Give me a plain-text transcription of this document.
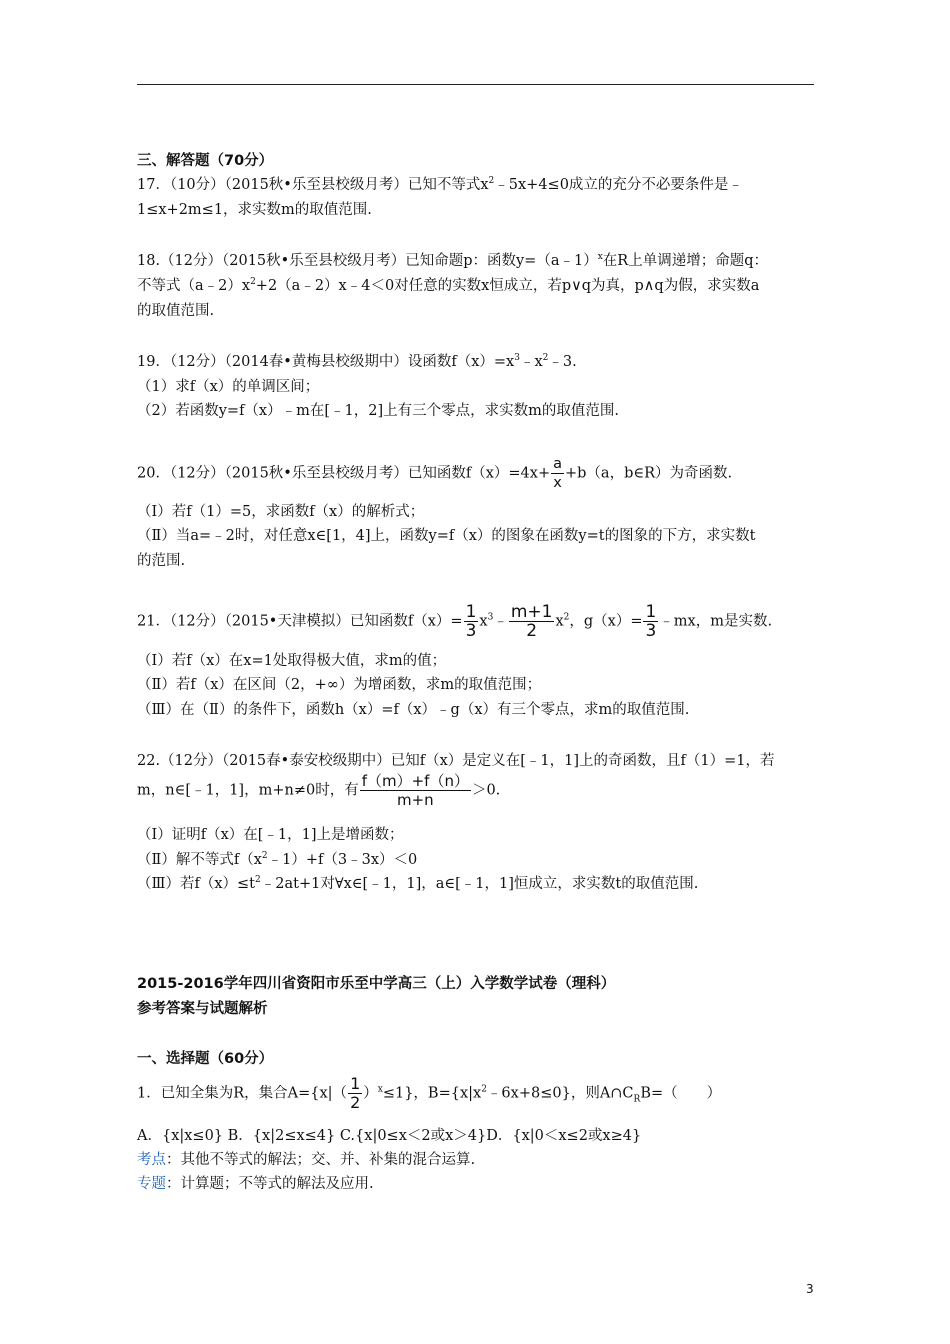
三、解答题（70分）
17．（10分）（2015秋•乐至县校级月考）已知不等式$x^2﹣5x+4\le 0$成立的充分不必要条件是﹣
1≤x+2m≤1，求实数m的取值范围.
18.（12分）（2015秋•乐至县校级月考）已知命题p：函数y=（a﹣1）$^x$在R上单调递增；命题q：
不等式$(a﹣2)x^2+2(a﹣2)x﹣4<0$对任意的实数x恒成立，若p∨q为真，p∧q为假，求实数a
的取值范围.
19．（12分）（2014春•黄梅县校级期中）设函数$f(x)=x^3﹣x^2﹣3$.
（1）求f（x）的单调区间；
（2）若函数y=f（x）﹣m在[﹣1，2]上有三个零点，求实数m的取值范围.
20．（12分）（2015秋•乐至县校级月考）已知函数$f(x)=4x+ \frac{a}{x} +b(a$，b∈R）为奇函数.
（Ⅰ）若f（1）=5，求函数f（x）的解析式；
（Ⅱ）当a=﹣2时，对任意x∈[1，4]上，函数y=f（x）的图象在函数y=t的图象的下方，求实数t
的范围.
21．（12分）（2015•天津模拟）已知函数$f(x)= \frac{1}{3}$ $x^3﹣ \frac{m+1}{2} x^2$，$g(x)= \frac{1}{3}$ ﹣mx，m是实数.
（Ⅰ）若f（x）在x=1处取得极大值，求m的值；
（Ⅱ）若f（x）在区间（2，+∞）为增函数，求m的取值范围；
（Ⅲ）在（Ⅱ）的条件下，函数h（x）=f（x）﹣g（x）有三个零点，求m的取值范围.
22.（12分）（2015春•泰安校级期中）已知f（x）是定义在[﹣1，1]上的奇函数，且f（1）=1，若
m，n∈[﹣1，1]，m+n≠0时，有 $\frac{f(m)+f(n)}{m+n} >0$.
（Ⅰ）证明f（x）在[﹣1，1]上是增函数；
（Ⅱ）解不等式$f(x^2﹣1)+f(3﹣3x)<0$
（Ⅲ）若$f(x)\le t^2﹣2at+1$对∀x∈[﹣1，1]，a∈[﹣1，1]恒成立，求实数t的取值范围.
2015-2016学年四川省资阳市乐至中学高三（上）入学数学试卷（理科）
参考答案与试题解析
一、选择题（60分）
1．已知全集为R，集合$A=\{x|( \frac{1}{2} )^x\le 1\}$，$B=\{x|x^2﹣6x+8\le 0\}$，则$A\cap C_RB=$（　　）
A．{x|x≤0} B．{x|2≤x≤4} C.{x|0≤x＜2或x＞4}D．{x|0＜x≤2或x≥4}
考点：其他不等式的解法；交、并、补集的混合运算.
专题：计算题；不等式的解法及应用.
3
